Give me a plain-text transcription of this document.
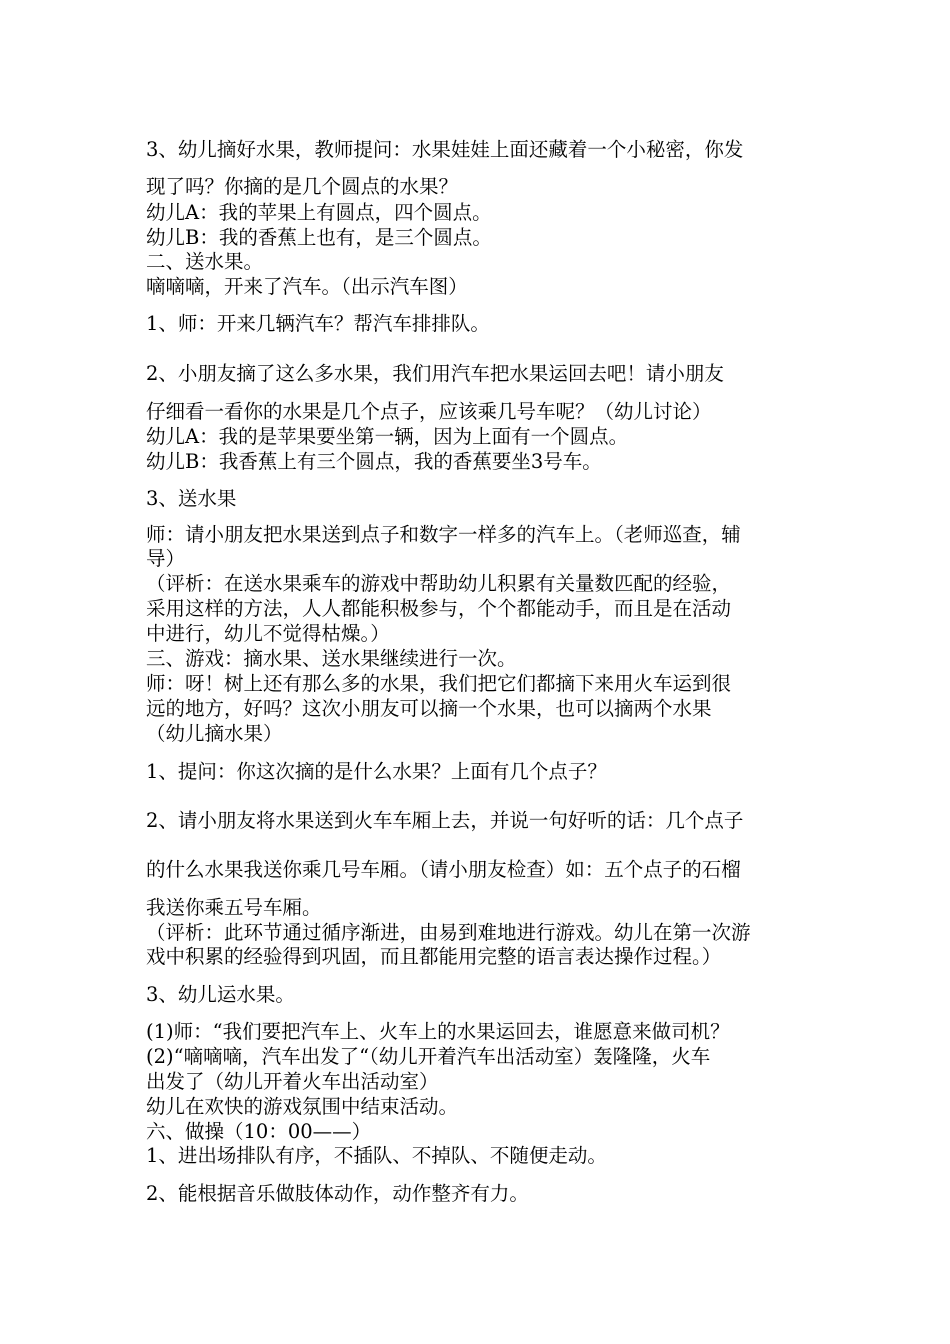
3、幼儿摘好水果，教师提问：水果娃娃上面还藏着一个小秘密，你发
现了吗？你摘的是几个圆点的水果？
幼儿A：我的苹果上有圆点，四个圆点。
幼儿B：我的香蕉上也有，是三个圆点。
二、送水果。
嘀嘀嘀，开来了汽车。（出示汽车图）
1、师：开来几辆汽车？帮汽车排排队。
2、小朋友摘了这么多水果，我们用汽车把水果运回去吧！请小朋友
仔细看一看你的水果是几个点子，应该乘几号车呢？（幼儿讨论）
幼儿A：我的是苹果要坐第一辆，因为上面有一个圆点。
幼儿B：我香蕉上有三个圆点，我的香蕉要坐3号车。
3、送水果
师：请小朋友把水果送到点子和数字一样多的汽车上。（老师巡查，辅
导）
（评析：在送水果乘车的游戏中帮助幼儿积累有关量数匹配的经验，
采用这样的方法，人人都能积极参与，个个都能动手，而且是在活动
中进行，幼儿不觉得枯燥。）
三、游戏：摘水果、送水果继续进行一次。
师：呀！树上还有那么多的水果，我们把它们都摘下来用火车运到很
远的地方，好吗？这次小朋友可以摘一个水果，也可以摘两个水果
（幼儿摘水果）
1、提问：你这次摘的是什么水果？上面有几个点子？
2、请小朋友将水果送到火车车厢上去，并说一句好听的话：几个点子
的什么水果我送你乘几号车厢。（请小朋友检查）如：五个点子的石榴
我送你乘五号车厢。
（评析：此环节通过循序渐进，由易到难地进行游戏。幼儿在第一次游
戏中积累的经验得到巩固，而且都能用完整的语言表达操作过程。）
3、幼儿运水果。
(1)师：“我们要把汽车上、火车上的水果运回去，谁愿意来做司机？
(2)“嘀嘀嘀，汽车出发了“（幼儿开着汽车出活动室）轰隆隆，火车
出发了（幼儿开着火车出活动室）
幼儿在欢快的游戏氛围中结束活动。
六、做操（10：00——）
1、进出场排队有序，不插队、不掉队、不随便走动。
2、能根据音乐做肢体动作，动作整齐有力。
